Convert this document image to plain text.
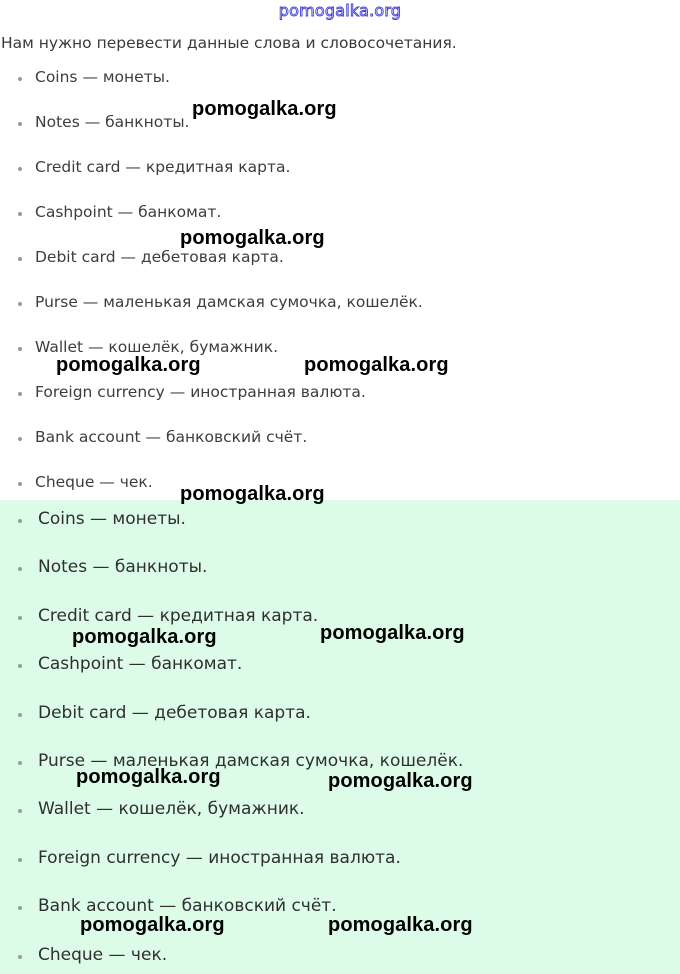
pomogalka.org
Нам нужно перевести данные слова и словосочетания.
Coins — монеты.
Notes — банкноты.
Credit card — кредитная карта.
Cashpoint — банкомат.
Debit card — дебетовая карта.
Purse — маленькая дамская сумочка, кошелёк.
Wallet — кошелёк, бумажник.
Foreign currency — иностранная валюта.
Bank account — банковский счёт.
Cheque — чек.
Coins — монеты.
Notes — банкноты.
Credit card — кредитная карта.
Cashpoint — банкомат.
Debit card — дебетовая карта.
Purse — маленькая дамская сумочка, кошелёк.
Wallet — кошелёк, бумажник.
Foreign currency — иностранная валюта.
Bank account — банковский счёт.
Cheque — чек.
pomogalka.org
pomogalka.org
pomogalka.org	pomogalka.org
pomogalka.org
pomogalka.org	pomogalka.org
pomogalka.org	pomogalka.org
pomogalka.org	pomogalka.org
